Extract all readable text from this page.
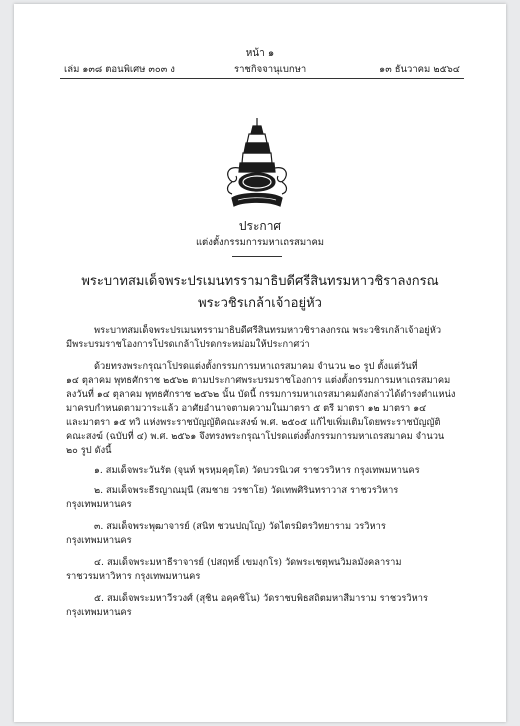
หน้า ๑
เล่ม ๑๓๘ ตอนพิเศษ ๓๐๓ ง	ราชกิจจานุเบกษา	๑๓ ธันวาคม ๒๕๖๔
ประกาศ
แต่งตั้งกรรมการมหาเถรสมาคม
พระบาทสมเด็จพระปรเมนทรรามาธิบดีศรีสินทรมหาวชิราลงกรณ
พระวชิรเกล้าเจ้าอยู่หัว
พระบาทสมเด็จพระปรเมนทรรามาธิบดีศรีสินทรมหาวชิราลงกรณ พระวชิรเกล้าเจ้าอยู่หัว
มีพระบรมราชโองการโปรดเกล้าโปรดกระหม่อมให้ประกาศว่า
ด้วยทรงพระกรุณาโปรดแต่งตั้งกรรมการมหาเถรสมาคม จำนวน ๒๐ รูป ตั้งแต่วันที่
๑๔ ตุลาคม พุทธศักราช ๒๕๖๒ ตามประกาศพระบรมราชโองการ แต่งตั้งกรรมการมหาเถรสมาคม
ลงวันที่ ๑๔ ตุลาคม พุทธศักราช ๒๕๖๒ นั้น บัดนี้ กรรมการมหาเถรสมาคมดังกล่าวได้ดำรงตำแหน่ง
มาครบกำหนดตามวาระแล้ว อาศัยอำนาจตามความในมาตรา ๕ ตรี มาตรา ๑๒ มาตรา ๑๔
และมาตรา ๑๕ ทวิ แห่งพระราชบัญญัติคณะสงฆ์ พ.ศ. ๒๕๐๕ แก้ไขเพิ่มเติมโดยพระราชบัญญัติ
คณะสงฆ์ (ฉบับที่ ๔) พ.ศ. ๒๕๖๑ จึงทรงพระกรุณาโปรดแต่งตั้งกรรมการมหาเถรสมาคม จำนวน
๒๐ รูป ดังนี้
๑. สมเด็จพระวันรัต (จุนท์ พฺรหฺมคุตฺโต) วัดบวรนิเวศ ราชวรวิหาร กรุงเทพมหานคร
๒. สมเด็จพระธีรญาณมุนี (สมชาย วรชาโย) วัดเทพศิรินทราวาส ราชวรวิหาร
กรุงเทพมหานคร
๓. สมเด็จพระพุฒาจารย์ (สนิท ชวนปญฺโญ) วัดไตรมิตรวิทยาราม วรวิหาร
กรุงเทพมหานคร
๔. สมเด็จพระมหาธีราจารย์ (ปสฤทธิ์ เขมงฺกโร) วัดพระเชตุพนวิมลมังคลาราม
ราชวรมหาวิหาร กรุงเทพมหานคร
๕. สมเด็จพระมหาวีรวงศ์ (สุชิน อคฺคชิโน) วัดราชบพิธสถิตมหาสีมาราม ราชวรวิหาร
กรุงเทพมหานคร
